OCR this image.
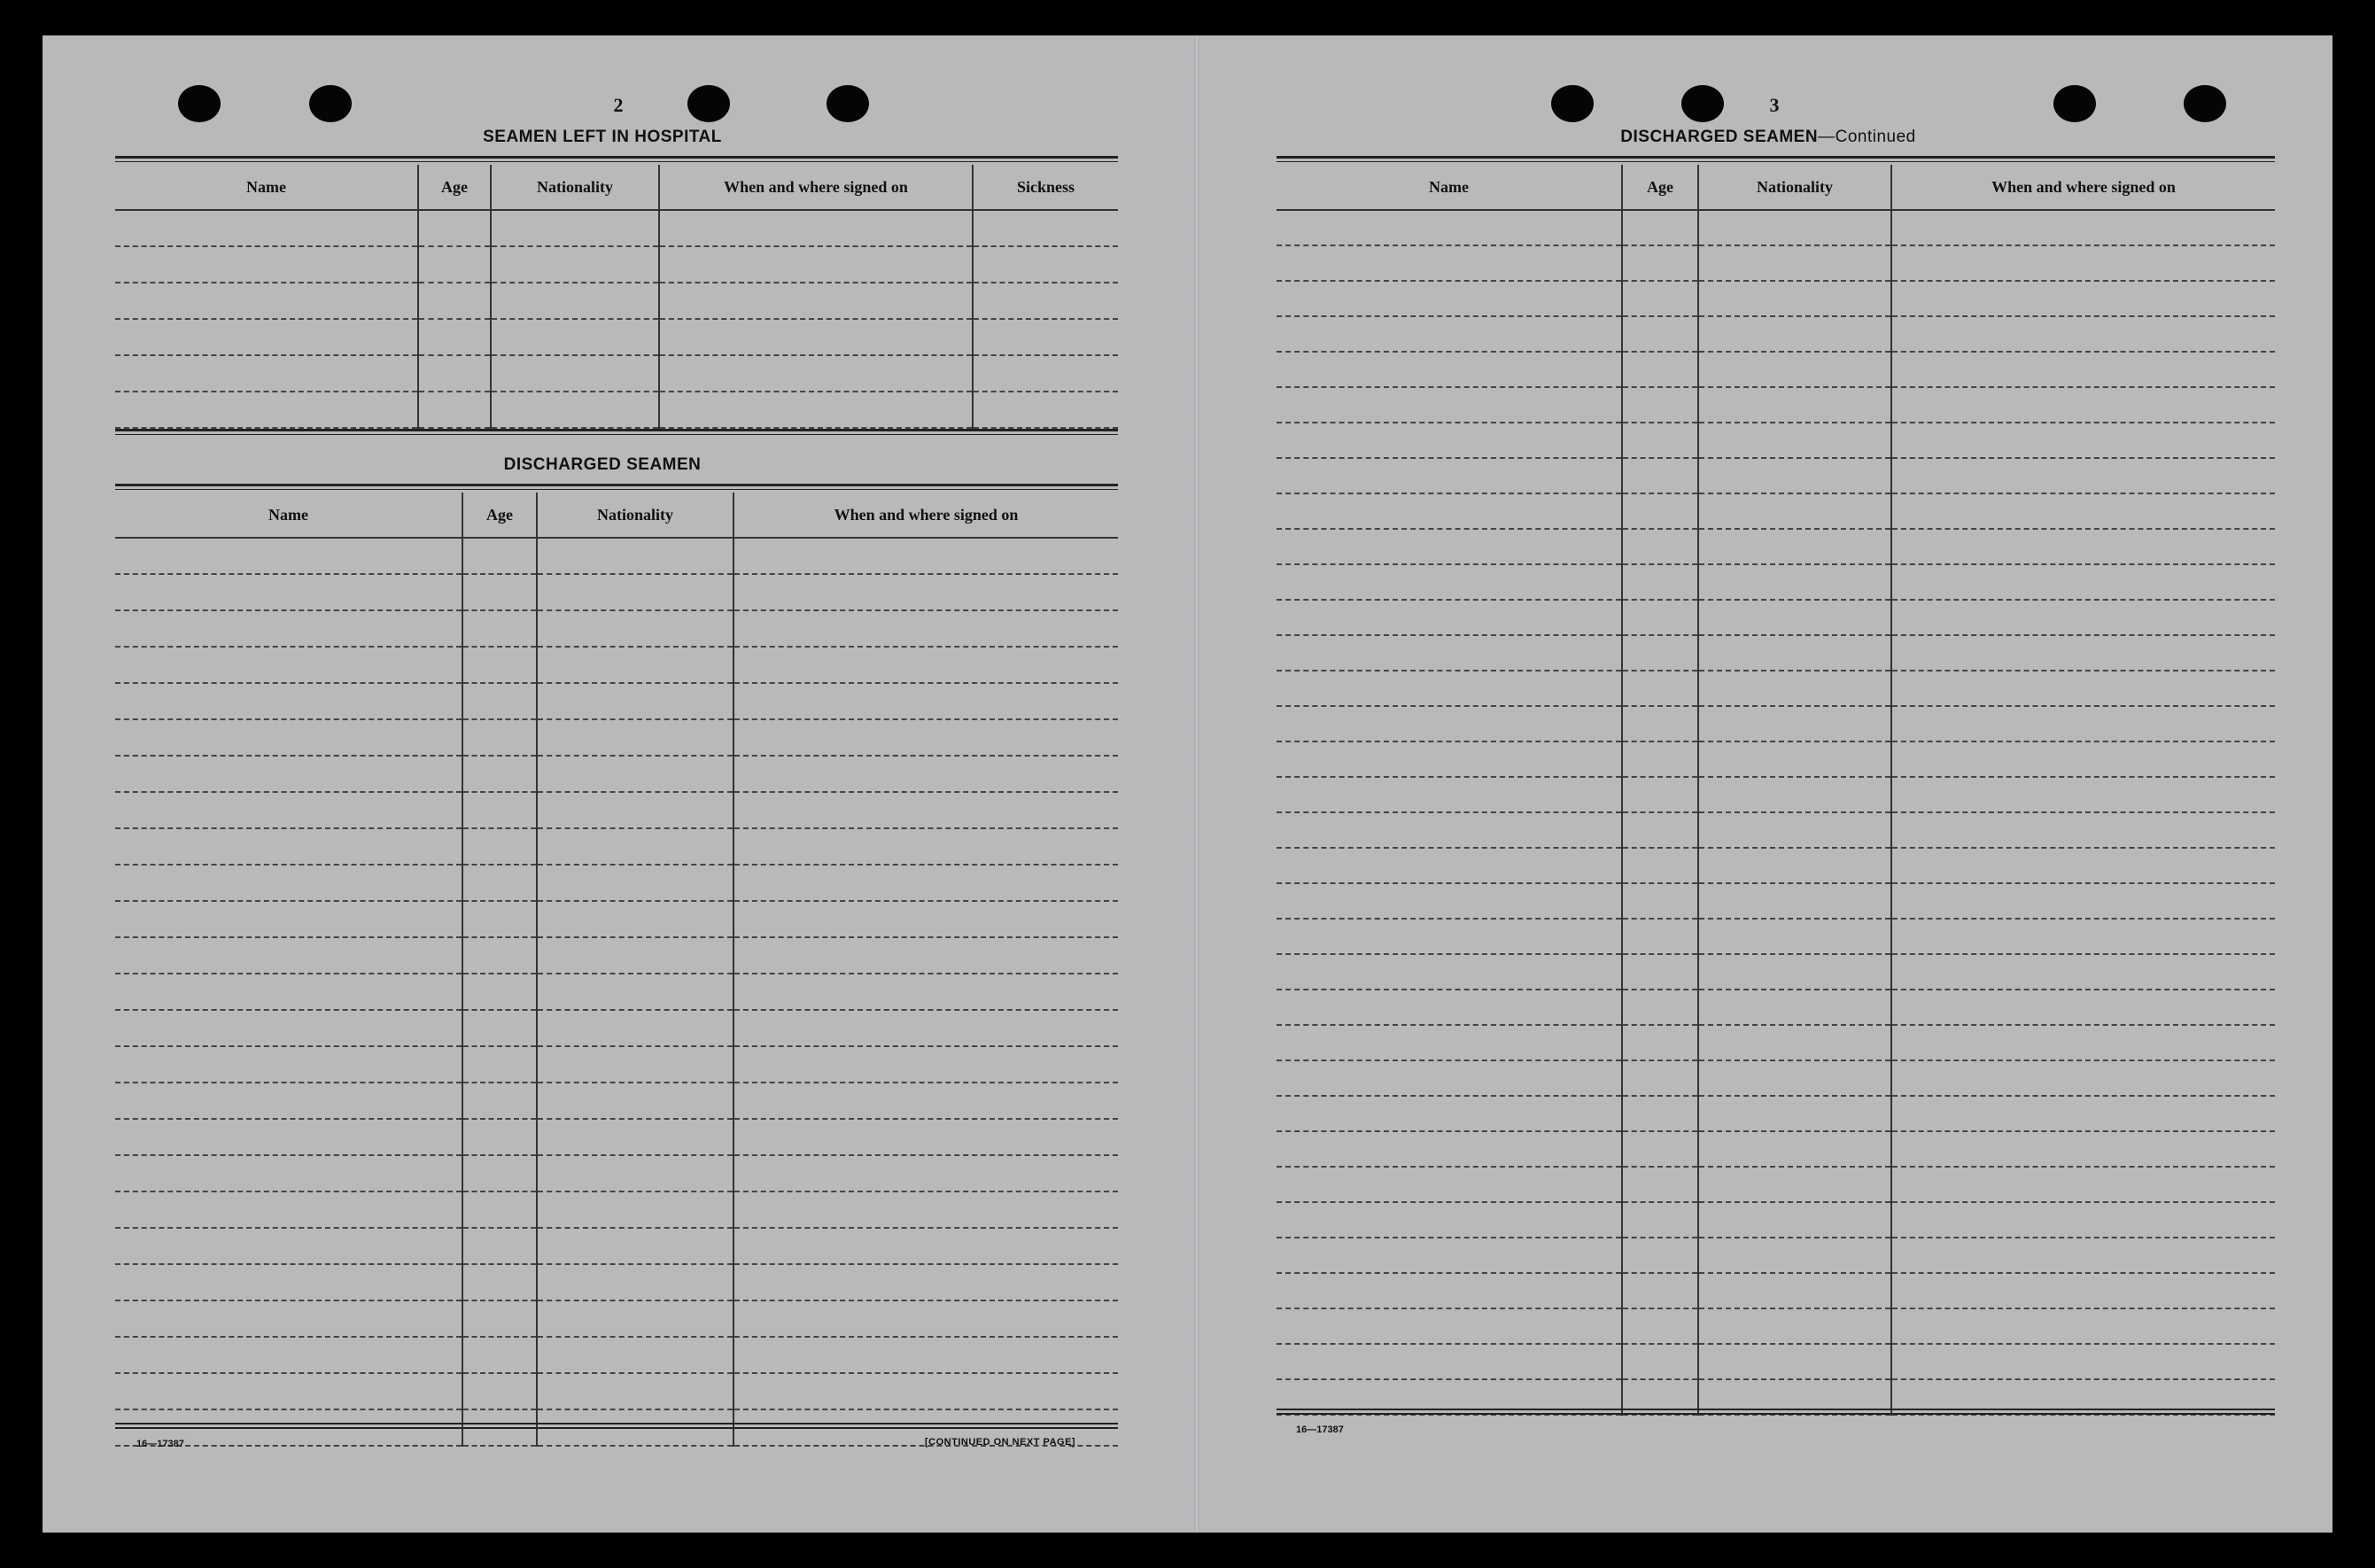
2
SEAMEN LEFT IN HOSPITAL
Name	Age	Nationality	When and where signed on	Sickness

DISCHARGED SEAMEN
Name	Age	Nationality	When and where signed on

16—17387	[CONTINUED ON NEXT PAGE]
3
DISCHARGED SEAMEN—Continued
Name	Age	Nationality	When and where signed on

16—17387
